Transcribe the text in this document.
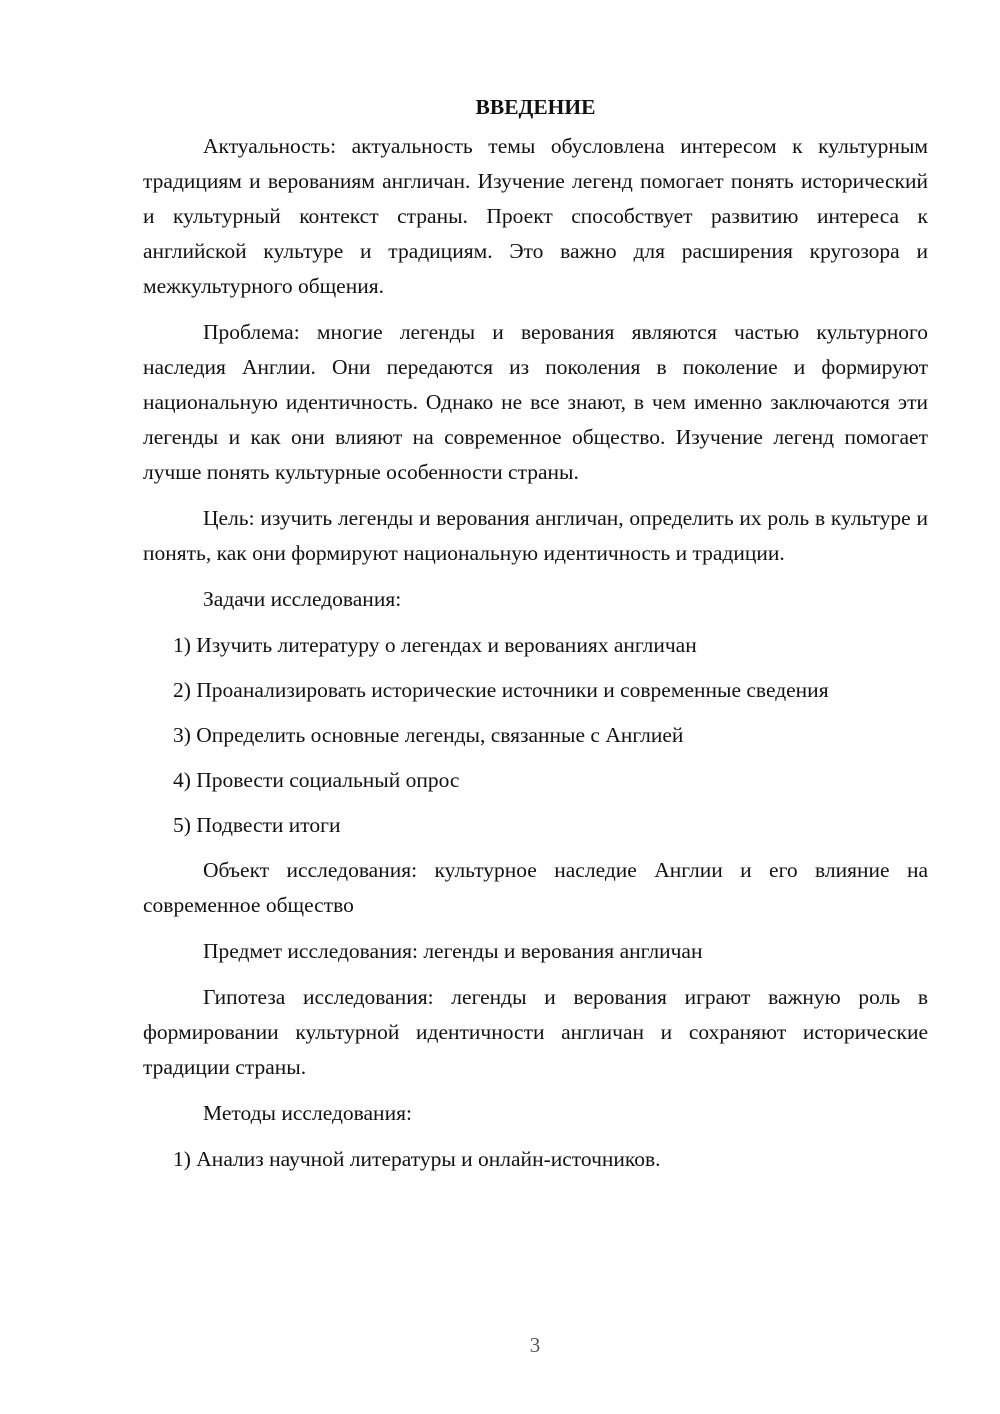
ВВЕДЕНИЕ

Актуальность: актуальность темы обусловлена интересом к культурным традициям и верованиям англичан. Изучение легенд помогает понять исторический и культурный контекст страны. Проект способствует развитию интереса к английской культуре и традициям. Это важно для расширения кругозора и межкультурного общения.

Проблема: многие легенды и верования являются частью культурного наследия Англии. Они передаются из поколения в поколение и формируют национальную идентичность. Однако не все знают, в чем именно заключаются эти легенды и как они влияют на современное общество. Изучение легенд помогает лучше понять культурные особенности страны.

Цель: изучить легенды и верования англичан, определить их роль в культуре и понять, как они формируют национальную идентичность и традиции.

Задачи исследования:

1) Изучить литературу о легендах и верованиях англичан

2) Проанализировать исторические источники и современные сведения

3) Определить основные легенды, связанные с Англией

4) Провести социальный опрос

5) Подвести итоги

Объект исследования: культурное наследие Англии и его влияние на современное общество

Предмет исследования: легенды и верования англичан

Гипотеза исследования: легенды и верования играют важную роль в формировании культурной идентичности англичан и сохраняют исторические традиции страны.

Методы исследования:

1) Анализ научной литературы и онлайн-источников.

3
